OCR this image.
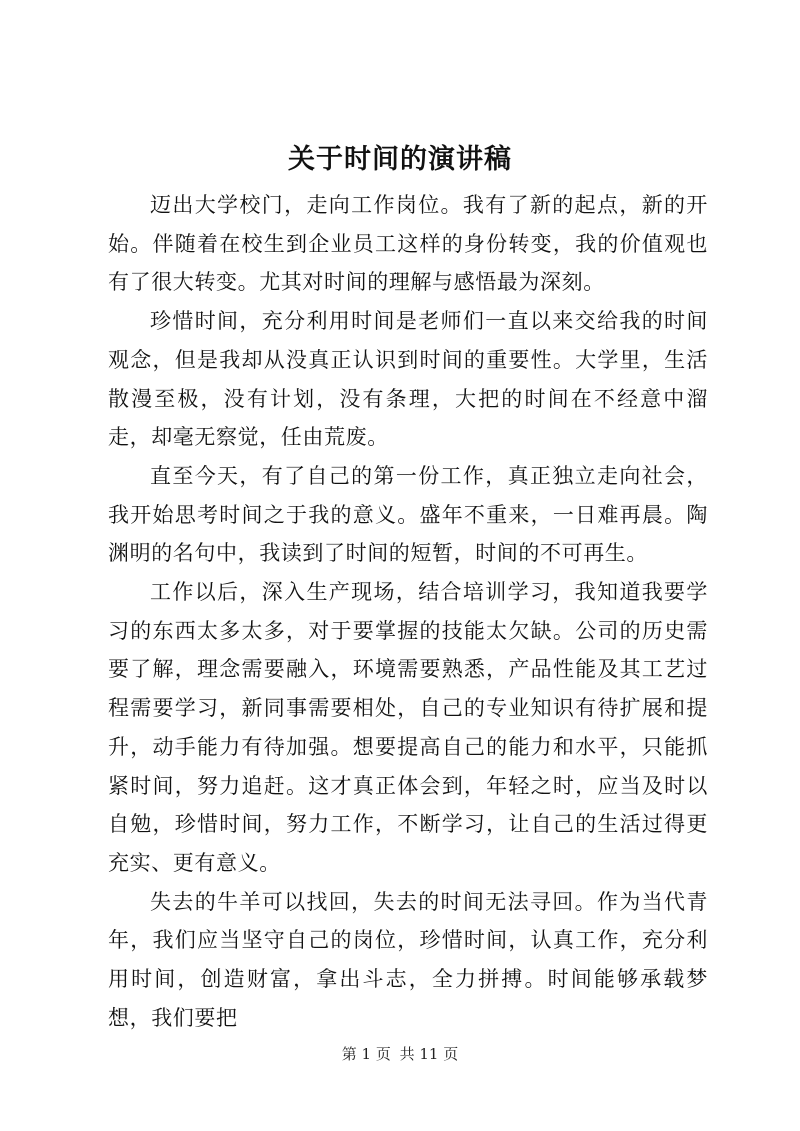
关于时间的演讲稿

迈出大学校门，走向工作岗位。我有了新的起点，新的开始。伴随着在校生到企业员工这样的身份转变，我的价值观也有了很大转变。尤其对时间的理解与感悟最为深刻。

珍惜时间，充分利用时间是老师们一直以来交给我的时间观念，但是我却从没真正认识到时间的重要性。大学里，生活散漫至极，没有计划，没有条理，大把的时间在不经意中溜走，却毫无察觉，任由荒废。

直至今天，有了自己的第一份工作，真正独立走向社会，我开始思考时间之于我的意义。盛年不重来，一日难再晨。陶渊明的名句中，我读到了时间的短暂，时间的不可再生。

工作以后，深入生产现场，结合培训学习，我知道我要学习的东西太多太多，对于要掌握的技能太欠缺。公司的历史需要了解，理念需要融入，环境需要熟悉，产品性能及其工艺过程需要学习，新同事需要相处，自己的专业知识有待扩展和提升，动手能力有待加强。想要提高自己的能力和水平，只能抓紧时间，努力追赶。这才真正体会到，年轻之时，应当及时以自勉，珍惜时间，努力工作，不断学习，让自己的生活过得更充实、更有意义。

失去的牛羊可以找回，失去的时间无法寻回。作为当代青年，我们应当坚守自己的岗位，珍惜时间，认真工作，充分利用时间，创造财富，拿出斗志，全力拼搏。时间能够承载梦想，我们要把

第 1 页 共 11 页
